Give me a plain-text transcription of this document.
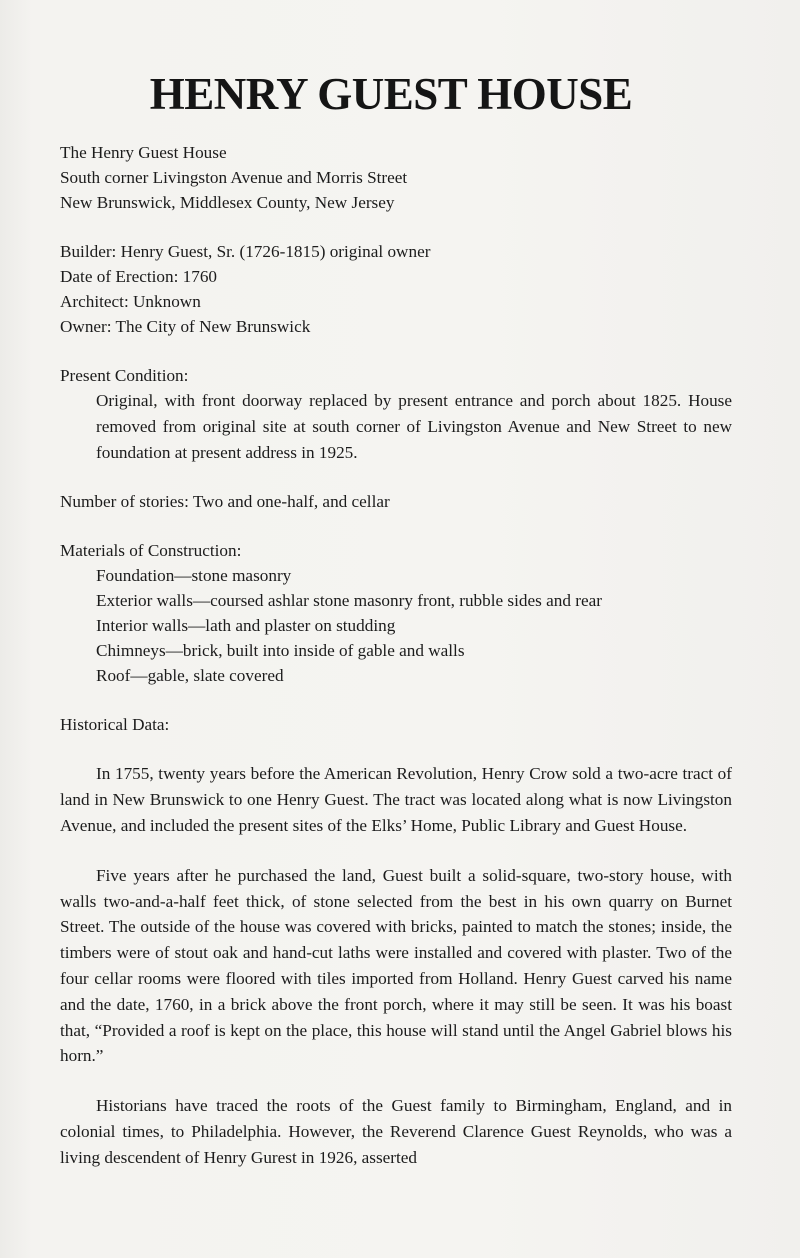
HENRY GUEST HOUSE
The Henry Guest House
South corner Livingston Avenue and Morris Street
New Brunswick, Middlesex County, New Jersey
Builder: Henry Guest, Sr. (1726-1815) original owner
Date of Erection: 1760
Architect: Unknown
Owner: The City of New Brunswick
Present Condition:

Original, with front doorway replaced by present entrance and porch about 1825. House removed from original site at south corner of Livingston Avenue and New Street to new foundation at present address in 1925.

Number of stories: Two and one-half, and cellar
Materials of Construction:
Foundation—stone masonry
Exterior walls—coursed ashlar stone masonry front, rubble sides and rear
Interior walls—lath and plaster on studding
Chimneys—brick, built into inside of gable and walls
Roof—gable, slate covered
Historical Data:

In 1755, twenty years before the American Revolution, Henry Crow sold a two-acre tract of land in New Brunswick to one Henry Guest. The tract was located along what is now Livingston Avenue, and included the present sites of the Elks’ Home, Public Library and Guest House.

Five years after he purchased the land, Guest built a solid-square, two-story house, with walls two-and-a-half feet thick, of stone selected from the best in his own quarry on Burnet Street. The outside of the house was covered with bricks, painted to match the stones; inside, the timbers were of stout oak and hand-cut laths were installed and covered with plaster. Two of the four cellar rooms were floored with tiles imported from Holland. Henry Guest carved his name and the date, 1760, in a brick above the front porch, where it may still be seen. It was his boast that, “Provided a roof is kept on the place, this house will stand until the Angel Gabriel blows his horn.”

Historians have traced the roots of the Guest family to Birmingham, England, and in colonial times, to Philadelphia. However, the Reverend Clarence Guest Reynolds, who was a living descendent of Henry Gurest in 1926, asserted
